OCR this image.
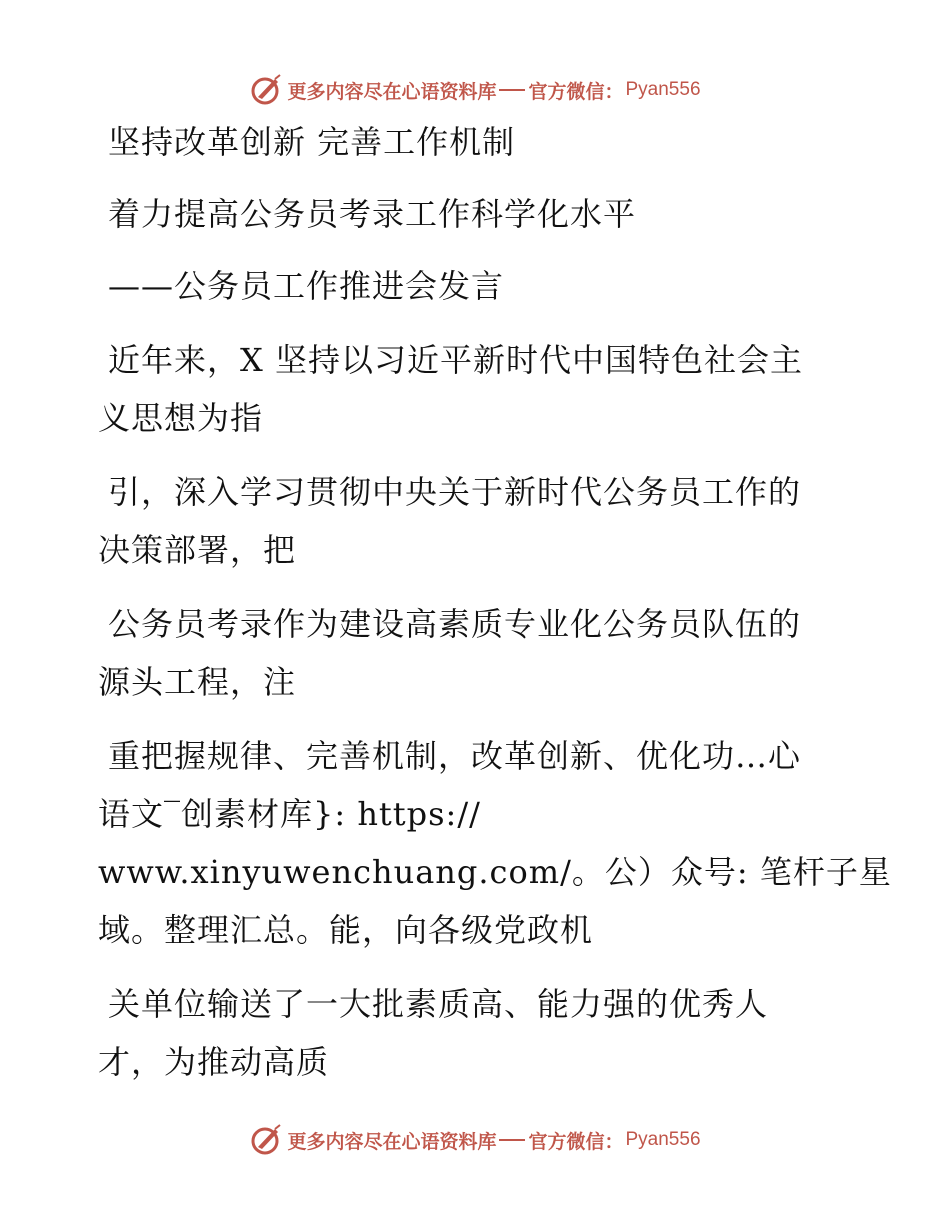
更多内容尽在心语资料库 官方微信： Pyan556
坚持改革创新 完善工作机制
着力提高公务员考录工作科学化水平
——公务员工作推进会发言
近年来，X 坚持以习近平新时代中国特色社会主
义思想为指
引，深入学习贯彻中央关于新时代公务员工作的
决策部署，把
公务员考录作为建设高素质专业化公务员队伍的
源头工程，注
重把握规律、完善机制，改革创新、优化功…心
语文‾创素材库}: https://
www.xinyuwenchuang.com/。公）众号: 笔杆子星
域。整理汇总。能，向各级党政机
关单位输送了一大批素质高、能力强的优秀人
才，为推动高质
更多内容尽在心语资料库 官方微信： Pyan556
